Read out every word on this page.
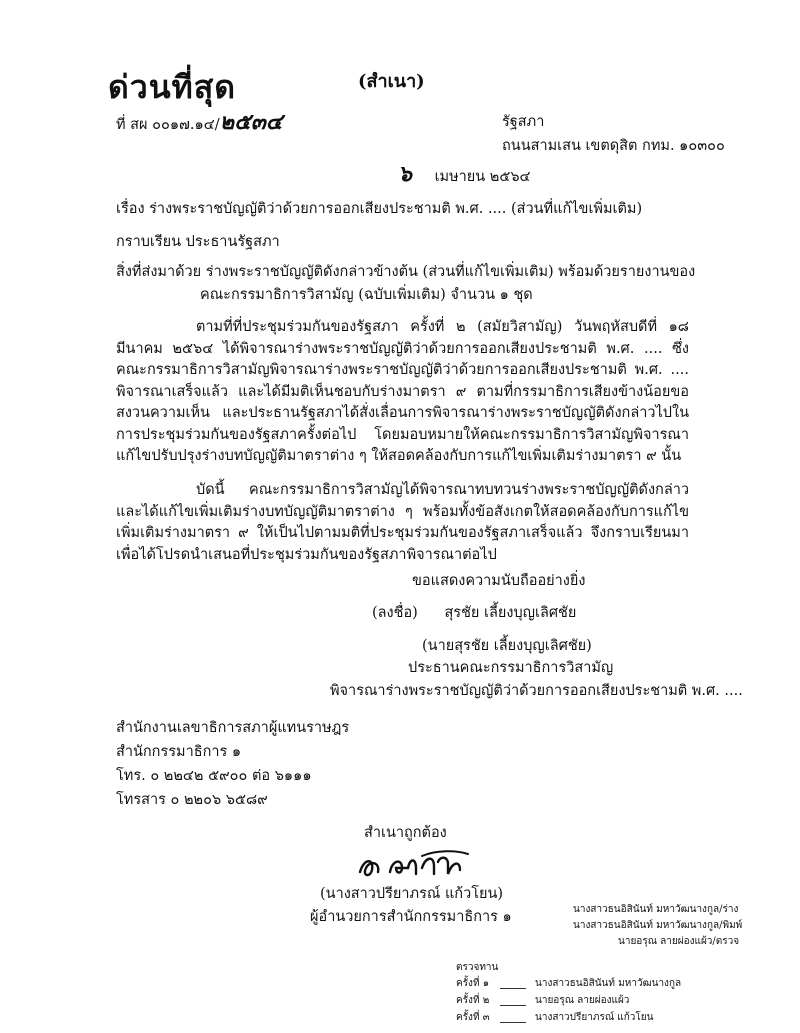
ด่วนที่สุด	(สำเนา)
ที่ สผ ๐๐๑๗.๑๔/๒๕๓๔	รัฐสภา
ถนนสามเสน เขตดุสิต กทม. ๑๐๓๐๐
๖ เมษายน ๒๕๖๔
เรื่อง ร่างพระราชบัญญัติว่าด้วยการออกเสียงประชามติ พ.ศ. .... (ส่วนที่แก้ไขเพิ่มเติม)
กราบเรียน ประธานรัฐสภา
สิ่งที่ส่งมาด้วย ร่างพระราชบัญญัติดังกล่าวข้างต้น (ส่วนที่แก้ไขเพิ่มเติม) พร้อมด้วยรายงานของ
คณะกรรมาธิการวิสามัญ (ฉบับเพิ่มเติม) จำนวน ๑ ชุด
ตามที่ที่ประชุมร่วมกันของรัฐสภา ครั้งที่ ๒ (สมัยวิสามัญ) วันพฤหัสบดีที่ ๑๘ มีนาคม ๒๕๖๔ ได้พิจารณาร่างพระราชบัญญัติว่าด้วยการออกเสียงประชามติ พ.ศ. .... ซึ่งคณะกรรมาธิการวิสามัญพิจารณาร่างพระราชบัญญัติว่าด้วยการออกเสียงประชามติ พ.ศ. .... พิจารณาเสร็จแล้ว และได้มีมติเห็นชอบกับร่างมาตรา ๙ ตามที่กรรมาธิการเสียงข้างน้อยขอสงวนความเห็น และประธานรัฐสภาได้สั่งเลื่อนการพิจารณาร่างพระราชบัญญัติดังกล่าวไปในการประชุมร่วมกันของรัฐสภาครั้งต่อไป โดยมอบหมายให้คณะกรรมาธิการวิสามัญพิจารณาแก้ไขปรับปรุงร่างบทบัญญัติมาตราต่าง ๆ ให้สอดคล้องกับการแก้ไขเพิ่มเติมร่างมาตรา ๙ นั้น
บัดนี้ คณะกรรมาธิการวิสามัญได้พิจารณาทบทวนร่างพระราชบัญญัติดังกล่าว และได้แก้ไขเพิ่มเติมร่างบทบัญญัติมาตราต่าง ๆ พร้อมทั้งข้อสังเกตให้สอดคล้องกับการแก้ไขเพิ่มเติมร่างมาตรา ๙ ให้เป็นไปตามมติที่ประชุมร่วมกันของรัฐสภาเสร็จแล้ว จึงกราบเรียนมาเพื่อได้โปรดนำเสนอที่ประชุมร่วมกันของรัฐสภาพิจารณาต่อไป
ขอแสดงความนับถืออย่างยิ่ง
(ลงชื่อ) สุรชัย เลี้ยงบุญเลิศชัย
(นายสุรชัย เลี้ยงบุญเลิศชัย)
ประธานคณะกรรมาธิการวิสามัญ
พิจารณาร่างพระราชบัญญัติว่าด้วยการออกเสียงประชามติ พ.ศ. ....
สำนักงานเลขาธิการสภาผู้แทนราษฎร
สำนักกรรมาธิการ ๑
โทร. ๐ ๒๒๔๒ ๕๙๐๐ ต่อ ๖๑๑๑
โทรสาร ๐ ๒๒๐๖ ๖๕๘๙
สำเนาถูกต้อง
(นางสาวปรียาภรณ์ แก้วโยน)
ผู้อำนวยการสำนักกรรมาธิการ ๑	นางสาวธนอิสินันท์ มหาวัฒนางกูล/ร่าง
นางสาวธนอิสินันท์ มหาวัฒนางกูล/พิมพ์
นายอรุณ ลายผ่องแผ้ว/ตรวจ
ตรวจทาน
ครั้งที่ ๑	นางสาวธนอิสินันท์ มหาวัฒนางกูล
ครั้งที่ ๒	นายอรุณ ลายผ่องแผ้ว
ครั้งที่ ๓	นางสาวปรียาภรณ์ แก้วโยน
